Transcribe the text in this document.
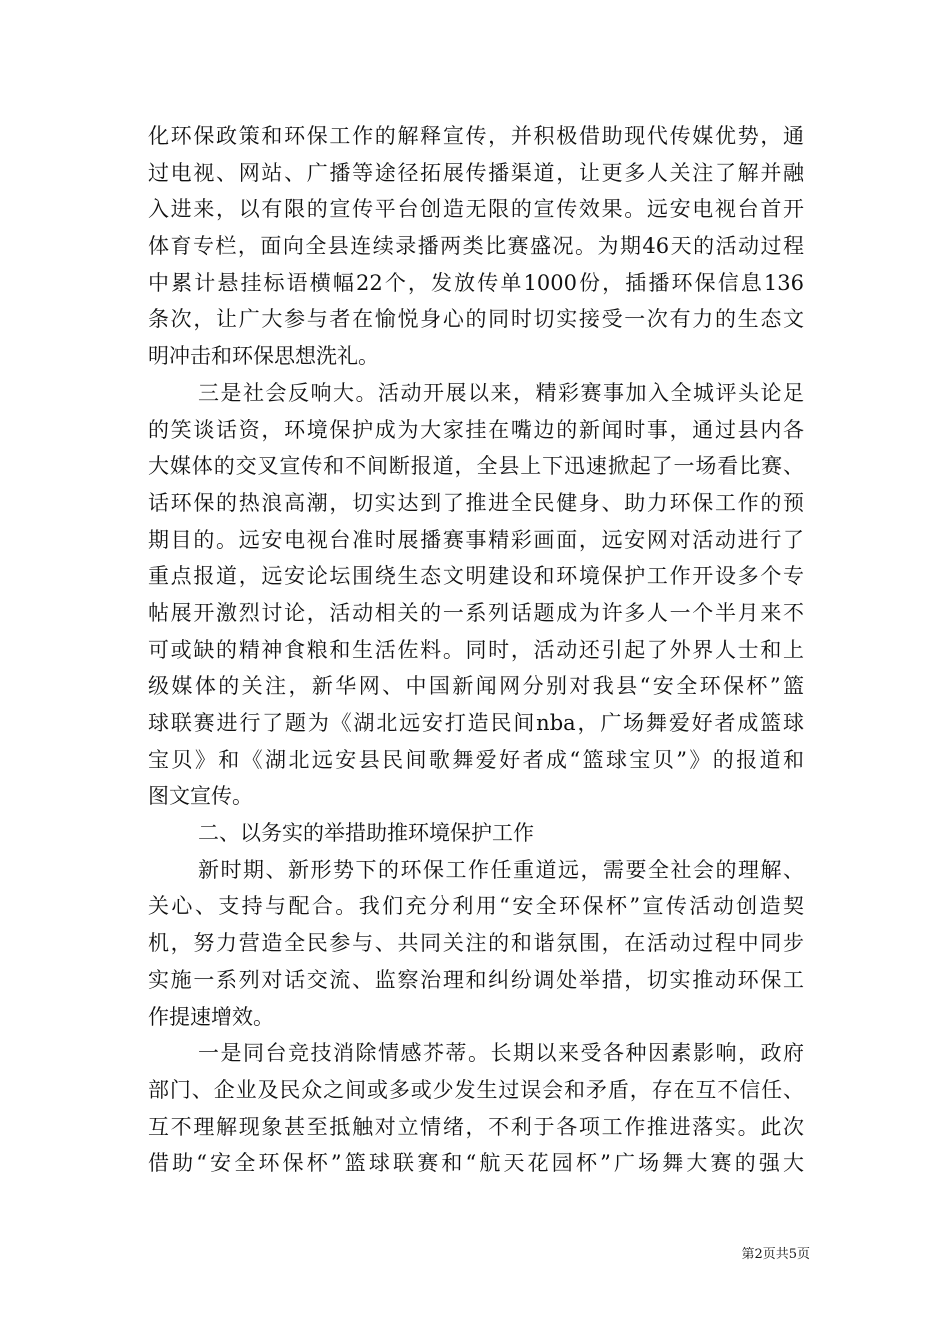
化环保政策和环保工作的解释宣传，并积极借助现代传媒优势，通
过电视、网站、广播等途径拓展传播渠道，让更多人关注了解并融
入进来，以有限的宣传平台创造无限的宣传效果。远安电视台首开
体育专栏，面向全县连续录播两类比赛盛况。为期46天的活动过程
中累计悬挂标语横幅22个，发放传单1000份，插播环保信息136
条次，让广大参与者在愉悦身心的同时切实接受一次有力的生态文
明冲击和环保思想洗礼。
三是社会反响大。活动开展以来，精彩赛事加入全城评头论足
的笑谈话资，环境保护成为大家挂在嘴边的新闻时事，通过县内各
大媒体的交叉宣传和不间断报道，全县上下迅速掀起了一场看比赛、
话环保的热浪高潮，切实达到了推进全民健身、助力环保工作的预
期目的。远安电视台准时展播赛事精彩画面，远安网对活动进行了
重点报道，远安论坛围绕生态文明建设和环境保护工作开设多个专
帖展开激烈讨论，活动相关的一系列话题成为许多人一个半月来不
可或缺的精神食粮和生活佐料。同时，活动还引起了外界人士和上
级媒体的关注，新华网、中国新闻网分别对我县“安全环保杯”篮
球联赛进行了题为《湖北远安打造民间nba，广场舞爱好者成篮球
宝贝》和《湖北远安县民间歌舞爱好者成“篮球宝贝”》的报道和
图文宣传。
二、以务实的举措助推环境保护工作
新时期、新形势下的环保工作任重道远，需要全社会的理解、
关心、支持与配合。我们充分利用“安全环保杯”宣传活动创造契
机，努力营造全民参与、共同关注的和谐氛围，在活动过程中同步
实施一系列对话交流、监察治理和纠纷调处举措，切实推动环保工
作提速增效。
一是同台竞技消除情感芥蒂。长期以来受各种因素影响，政府
部门、企业及民众之间或多或少发生过误会和矛盾，存在互不信任、
互不理解现象甚至抵触对立情绪，不利于各项工作推进落实。此次
借助“安全环保杯”篮球联赛和“航天花园杯”广场舞大赛的强大
第2页共5页
